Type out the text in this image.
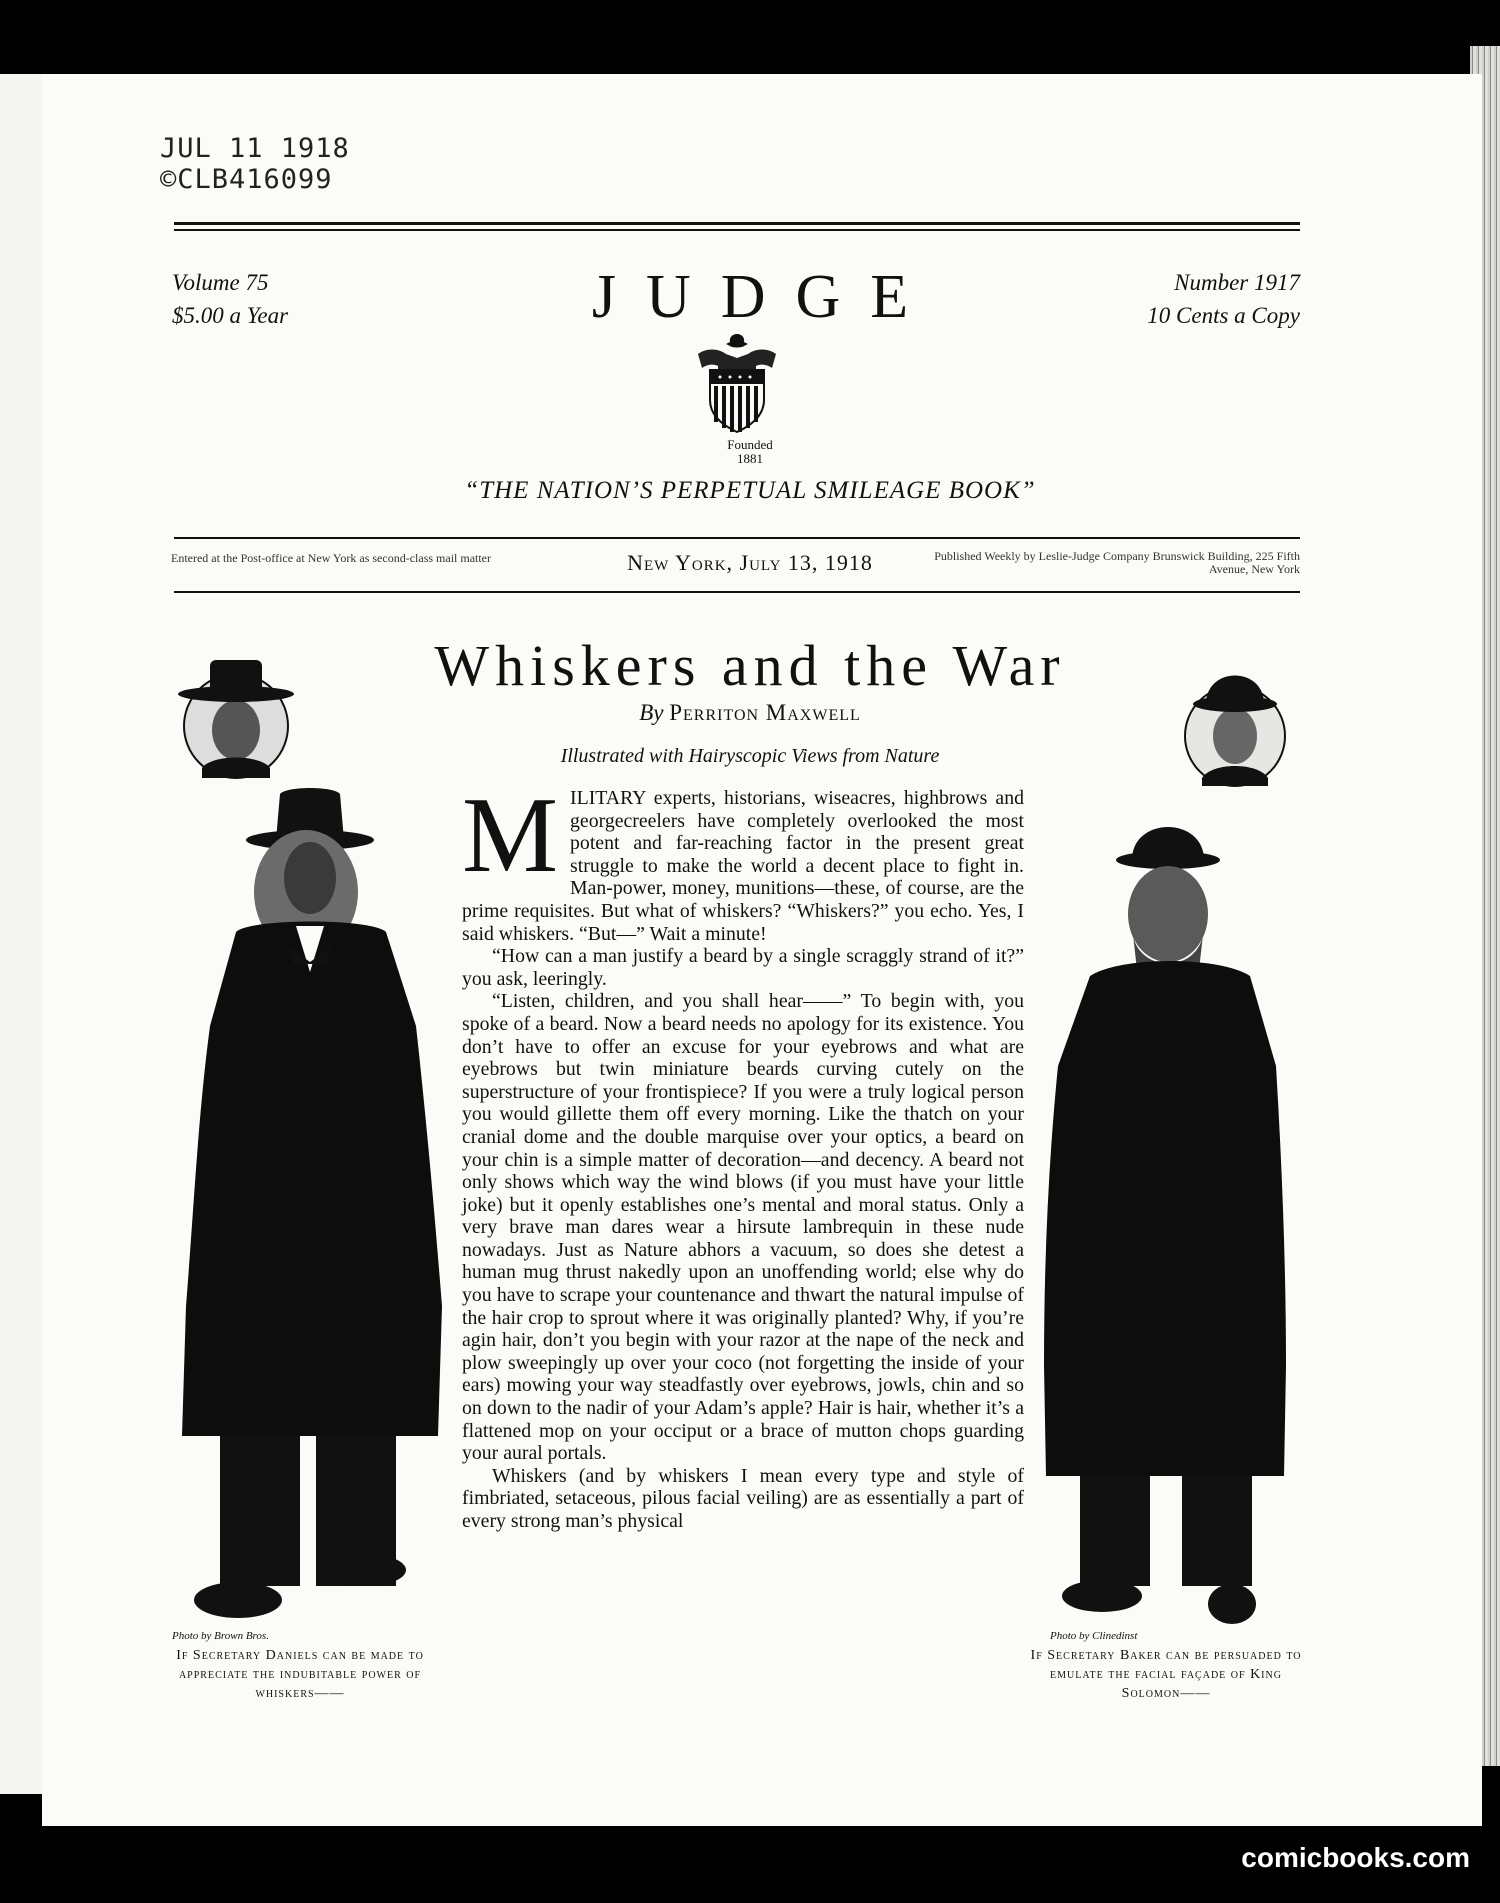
JUL 11 1918
©CLB416099
Volume 75
$5.00 a Year	JUDGE	Number 1917
10 Cents a Copy
Founded
1881
“THE NATION’S PERPETUAL SMILEAGE BOOK”
Entered at the Post-office at New York as second-class mail matter	New York, July 13, 1918	Published Weekly by Leslie-Judge Company Brunswick Building, 225 Fifth Avenue, New York
Whiskers and the War
By Perriton Maxwell
Illustrated with Hairyscopic Views from Nature

MILITARY experts, historians, wiseacres, highbrows and georgecreelers have completely overlooked the most potent and far-reaching factor in the present great struggle to make the world a decent place to fight in. Man-power, money, munitions—these, of course, are the prime requisites. But what of whiskers? “Whiskers?” you echo. Yes, I said whiskers. “But—” Wait a minute!

“How can a man justify a beard by a single scraggly strand of it?” you ask, leeringly.

“Listen, children, and you shall hear——” To begin with, you spoke of a beard. Now a beard needs no apology for its existence. You don’t have to offer an excuse for your eyebrows and what are eyebrows but twin miniature beards curving cutely on the superstructure of your frontispiece? If you were a truly logical person you would gillette them off every morning. Like the thatch on your cranial dome and the double marquise over your optics, a beard on your chin is a simple matter of decoration—and decency. A beard not only shows which way the wind blows (if you must have your little joke) but it openly establishes one’s mental and moral status. Only a very brave man dares wear a hirsute lambrequin in these nude nowadays. Just as Nature abhors a vacuum, so does she detest a human mug thrust nakedly upon an unoffending world; else why do you have to scrape your countenance and thwart the natural impulse of the hair crop to sprout where it was originally planted? Why, if you’re agin hair, don’t you begin with your razor at the nape of the neck and plow sweepingly up over your coco (not forgetting the inside of your ears) mowing your way steadfastly over eyebrows, jowls, chin and so on down to the nadir of your Adam’s apple? Hair is hair, whether it’s a flattened mop on your occiput or a brace of mutton chops guarding your aural portals.

Whiskers (and by whiskers I mean every type and style of fimbriated, setaceous, pilous facial veiling) are as essentially a part of every strong man’s physical

Photo by Brown Bros.
If Secretary Daniels can be made to appreciate the indubitable power of whiskers——
Photo by Clinedinst
If Secretary Baker can be persuaded to emulate the facial façade of King Solomon——
comicbooks.com
